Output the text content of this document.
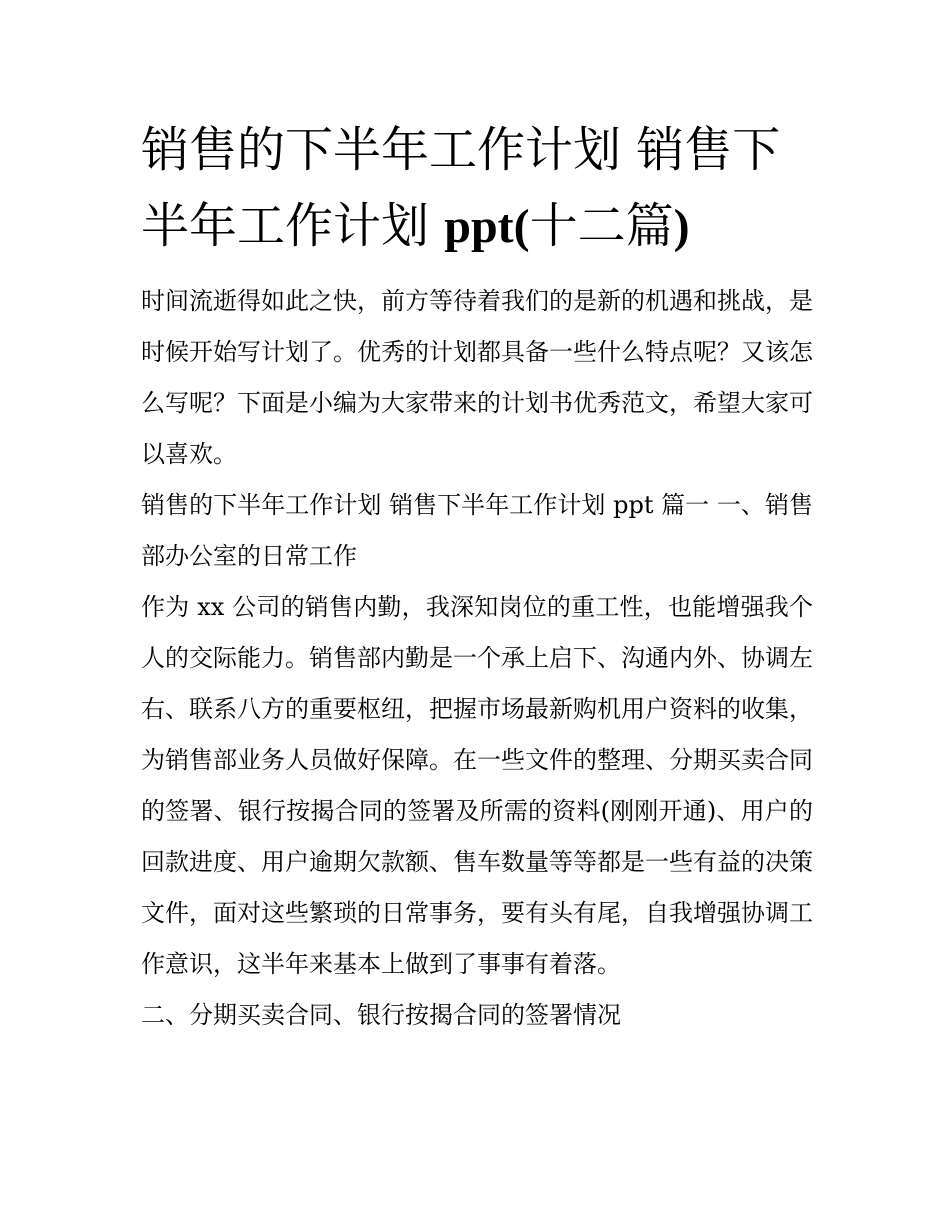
销售的下半年工作计划 销售下半年工作计划 ppt(十二篇)

时间流逝得如此之快，前方等待着我们的是新的机遇和挑战，是时候开始写计划了。优秀的计划都具备一些什么特点呢？又该怎么写呢？下面是小编为大家带来的计划书优秀范文，希望大家可以喜欢。

销售的下半年工作计划 销售下半年工作计划 ppt 篇一 一、销售部办公室的日常工作

作为 xx 公司的销售内勤，我深知岗位的重工性，也能增强我个人的交际能力。销售部内勤是一个承上启下、沟通内外、协调左右、联系八方的重要枢纽，把握市场最新购机用户资料的收集，为销售部业务人员做好保障。在一些文件的整理、分期买卖合同的签署、银行按揭合同的签署及所需的资料(刚刚开通)、用户的回款进度、用户逾期欠款额、售车数量等等都是一些有益的决策文件，面对这些繁琐的日常事务，要有头有尾，自我增强协调工作意识，这半年来基本上做到了事事有着落。

二、分期买卖合同、银行按揭合同的签署情况
